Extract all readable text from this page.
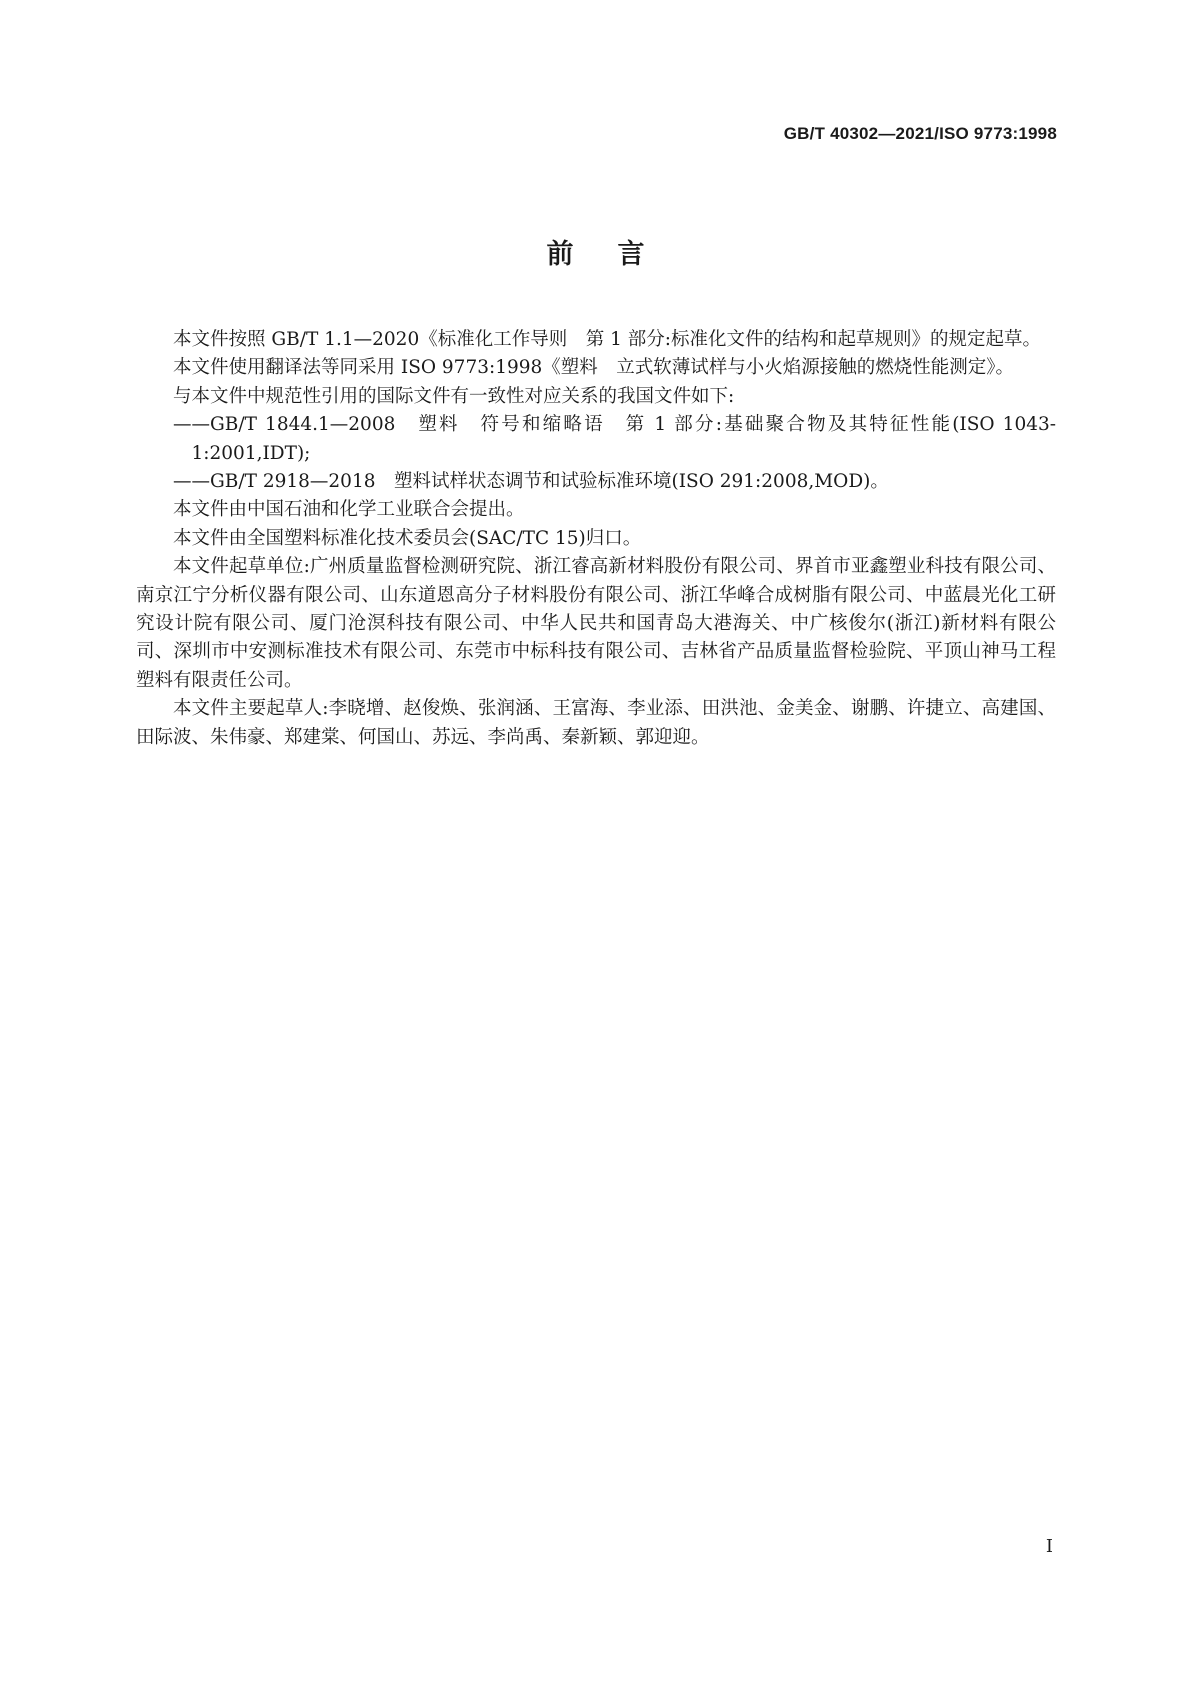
GB/T 40302—2021/ISO 9773:1998
前言

本文件按照 GB/T 1.1—2020《标准化工作导则　第 1 部分:标准化文件的结构和起草规则》的规定起草。

本文件使用翻译法等同采用 ISO 9773:1998《塑料　立式软薄试样与小火焰源接触的燃烧性能测定》。

与本文件中规范性引用的国际文件有一致性对应关系的我国文件如下:

——GB/T 1844.1—2008　塑料　符号和缩略语　第 1 部分:基础聚合物及其特征性能(ISO 1043-1:2001,IDT);

——GB/T 2918—2018　塑料试样状态调节和试验标准环境(ISO 291:2008,MOD)。

本文件由中国石油和化学工业联合会提出。

本文件由全国塑料标准化技术委员会(SAC/TC 15)归口。

本文件起草单位:广州质量监督检测研究院、浙江睿高新材料股份有限公司、界首市亚鑫塑业科技有限公司、南京江宁分析仪器有限公司、山东道恩高分子材料股份有限公司、浙江华峰合成树脂有限公司、中蓝晨光化工研究设计院有限公司、厦门沧溟科技有限公司、中华人民共和国青岛大港海关、中广核俊尔(浙江)新材料有限公司、深圳市中安测标准技术有限公司、东莞市中标科技有限公司、吉林省产品质量监督检验院、平顶山神马工程塑料有限责任公司。

本文件主要起草人:李晓增、赵俊焕、张润涵、王富海、李业添、田洪池、金美金、谢鹏、许捷立、高建国、田际波、朱伟豪、郑建棠、何国山、苏远、李尚禹、秦新颖、郭迎迎。

I
